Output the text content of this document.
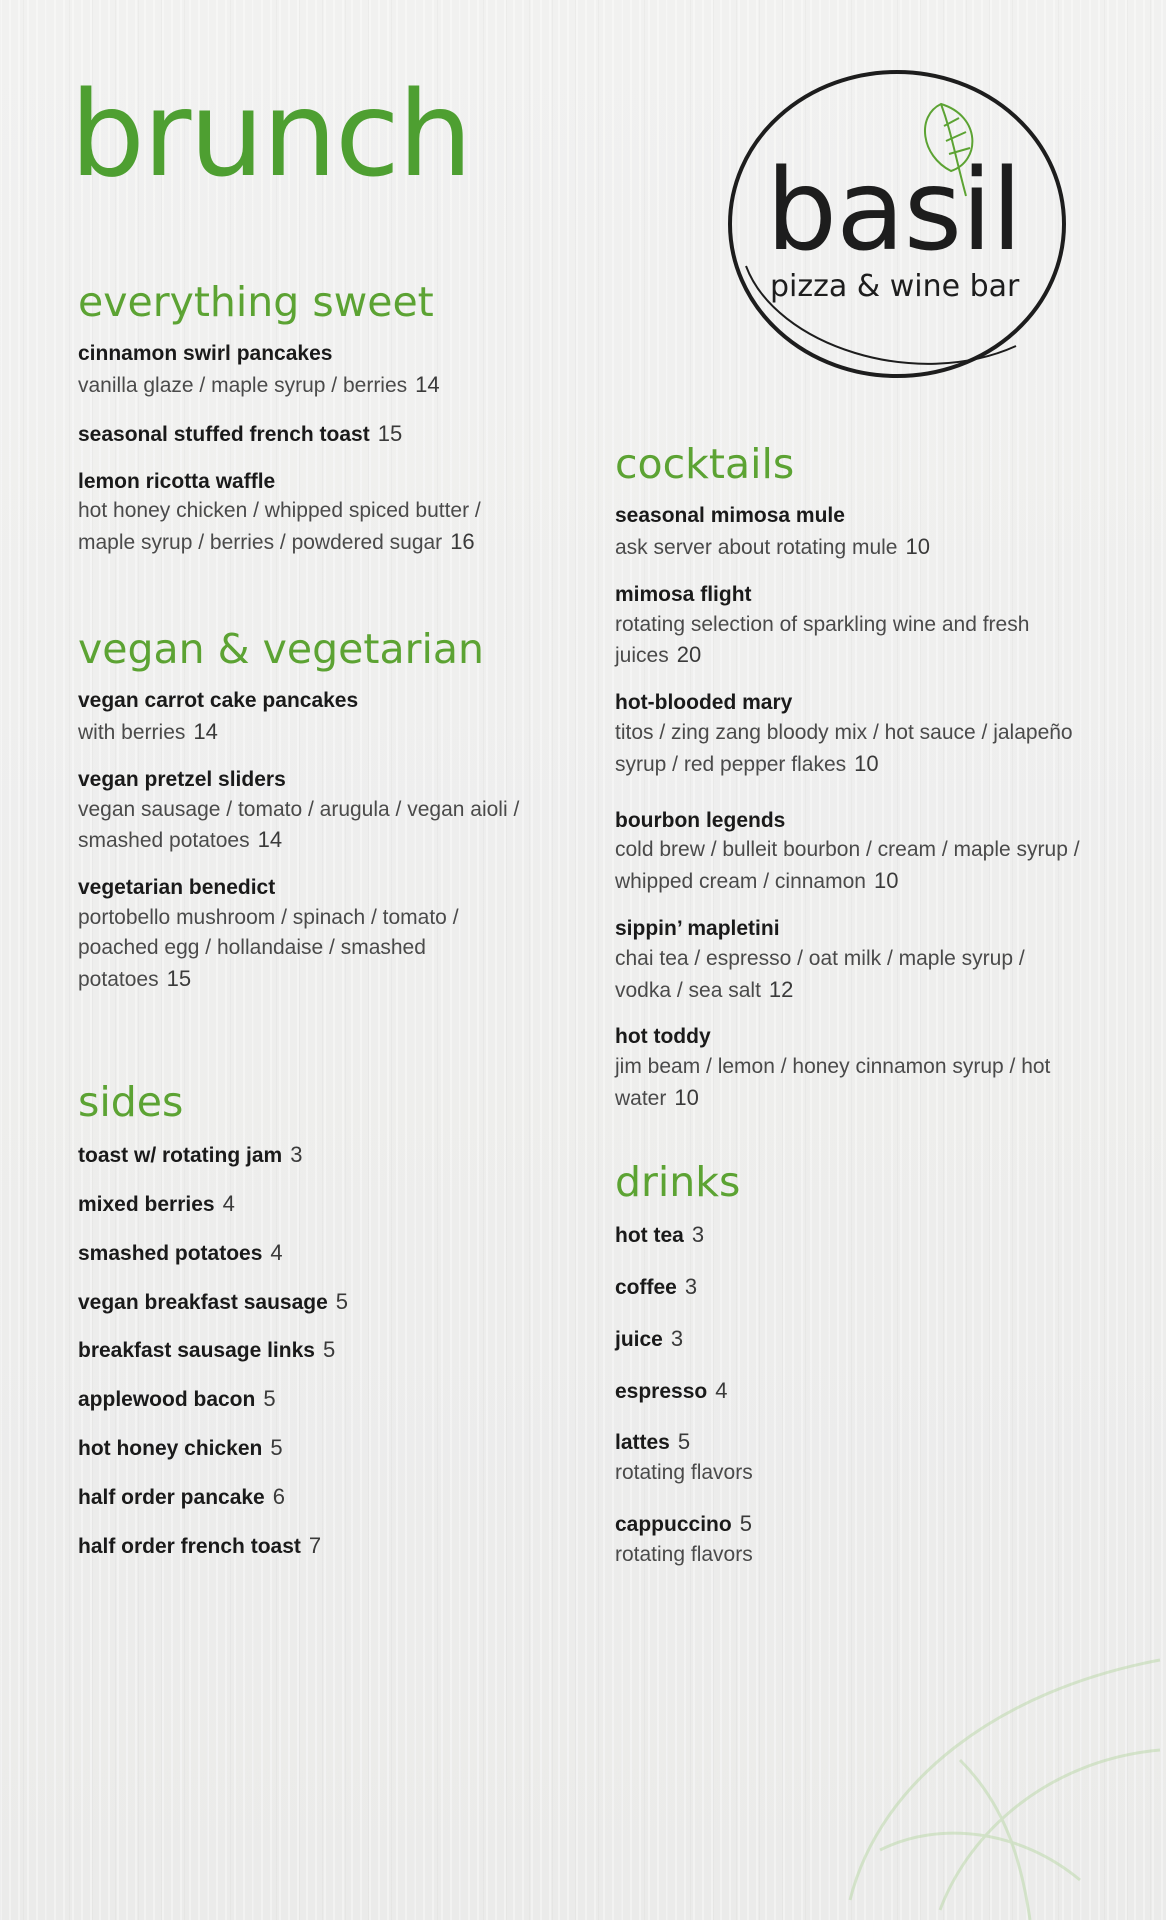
brunch
basil
pizza & wine bar
everything sweet
cinnamon swirl pancakes
vanilla glaze / maple syrup / berries 14
seasonal stuffed french toast 15
lemon ricotta waffle
hot honey chicken / whipped spiced butter / maple syrup / berries / powdered sugar 16
vegan & vegetarian
vegan carrot cake pancakes
with berries 14
vegan pretzel sliders
vegan sausage / tomato / arugula / vegan aioli / smashed potatoes 14
vegetarian benedict
portobello mushroom / spinach / tomato / poached egg / hollandaise / smashed potatoes 15
sides
toast w/ rotating jam 3
mixed berries 4
smashed potatoes 4
vegan breakfast sausage 5
breakfast sausage links 5
applewood bacon 5
hot honey chicken 5
half order pancake 6
half order french toast 7
cocktails
seasonal mimosa mule
ask server about rotating mule 10
mimosa flight
rotating selection of sparkling wine and fresh juices 20
hot-blooded mary
titos / zing zang bloody mix / hot sauce / jalapeño syrup / red pepper flakes 10
bourbon legends
cold brew / bulleit bourbon / cream / maple syrup / whipped cream / cinnamon 10
sippin’ mapletini
chai tea / espresso / oat milk / maple syrup / vodka / sea salt 12
hot toddy
jim beam / lemon / honey cinnamon syrup / hot water 10
drinks
hot tea 3
coffee 3
juice 3
espresso 4
lattes 5
rotating flavors
cappuccino 5
rotating flavors
